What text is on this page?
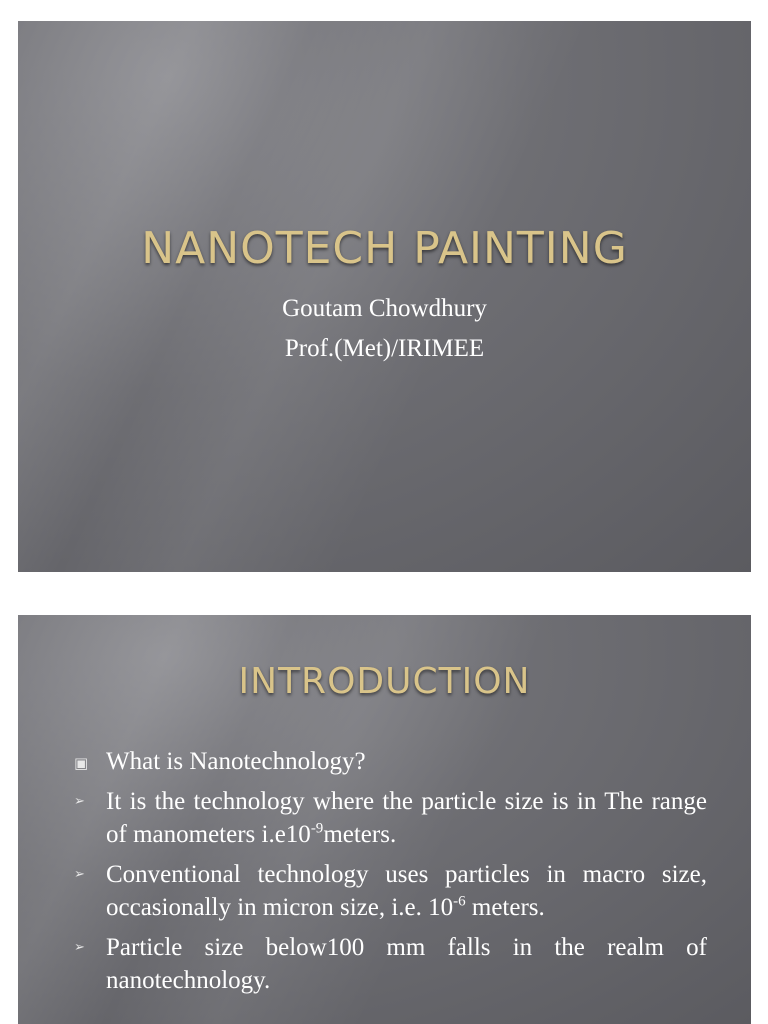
NANOTECH PAINTING
Goutam Chowdhury
Prof.(Met)/IRIMEE
INTRODUCTION
▣ What is Nanotechnology?
➢ It is the technology where the particle size is in The range of manometers $i.e10^{-9}meters$.
➢ Conventional technology uses particles in macro size, occasionally in micron size, i.e. $10^{-6}$ meters.
➢ Particle size below100 mm falls in the realm of nanotechnology.
